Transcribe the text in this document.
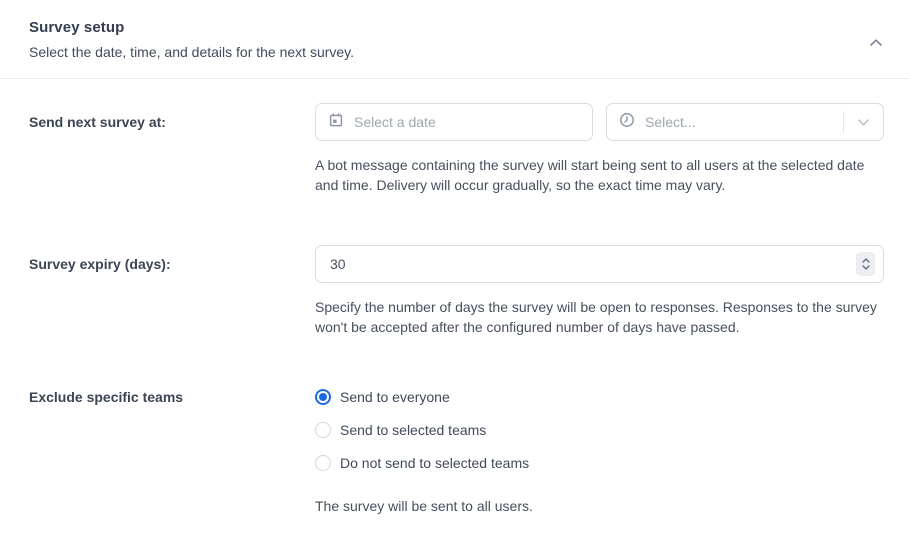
Survey setup
Select the date, time, and details for the next survey.
Send next survey at:	Select a date	Select...
A bot message containing the survey will start being sent to all users at the selected date and time. Delivery will occur gradually, so the exact time may vary.
Survey expiry (days):	30
Specify the number of days the survey will be open to responses. Responses to the survey won't be accepted after the configured number of days have passed.
Exclude specific teams	Send to everyone
Send to selected teams
Do not send to selected teams
The survey will be sent to all users.
